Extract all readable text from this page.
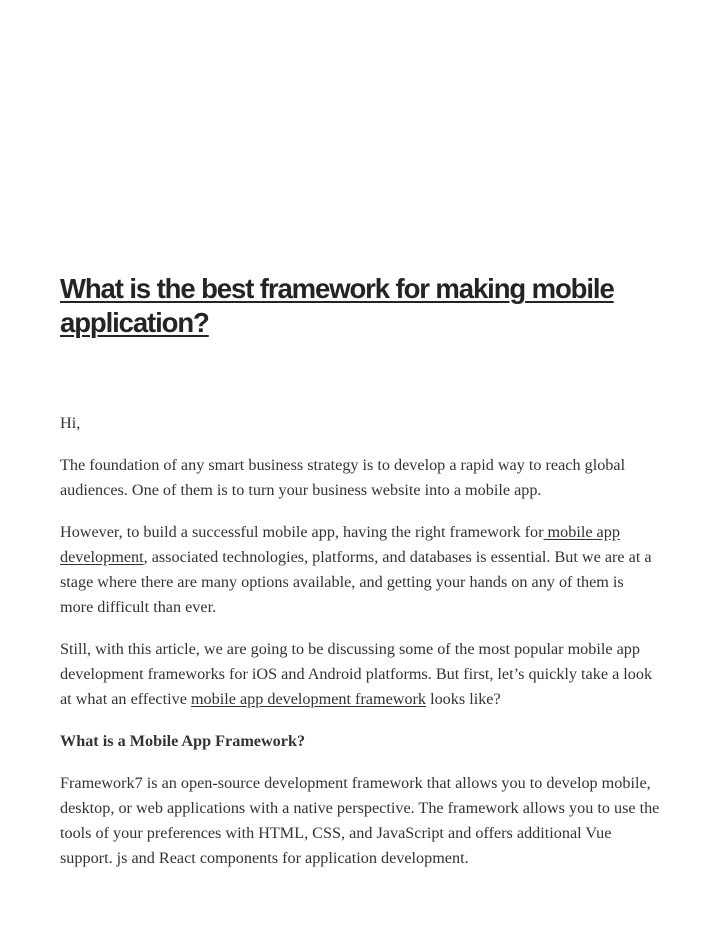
What is the best framework for making mobile application?

Hi,

The foundation of any smart business strategy is to develop a rapid way to reach global audiences. One of them is to turn your business website into a mobile app.

However, to build a successful mobile app, having the right framework for mobile app development, associated technologies, platforms, and databases is essential. But we are at a stage where there are many options available, and getting your hands on any of them is more difficult than ever.

Still, with this article, we are going to be discussing some of the most popular mobile app development frameworks for iOS and Android platforms. But first, let’s quickly take a look at what an effective mobile app development framework looks like?

What is a Mobile App Framework?

Framework7 is an open-source development framework that allows you to develop mobile, desktop, or web applications with a native perspective. The framework allows you to use the tools of your preferences with HTML, CSS, and JavaScript and offers additional Vue support. js and React components for application development.
